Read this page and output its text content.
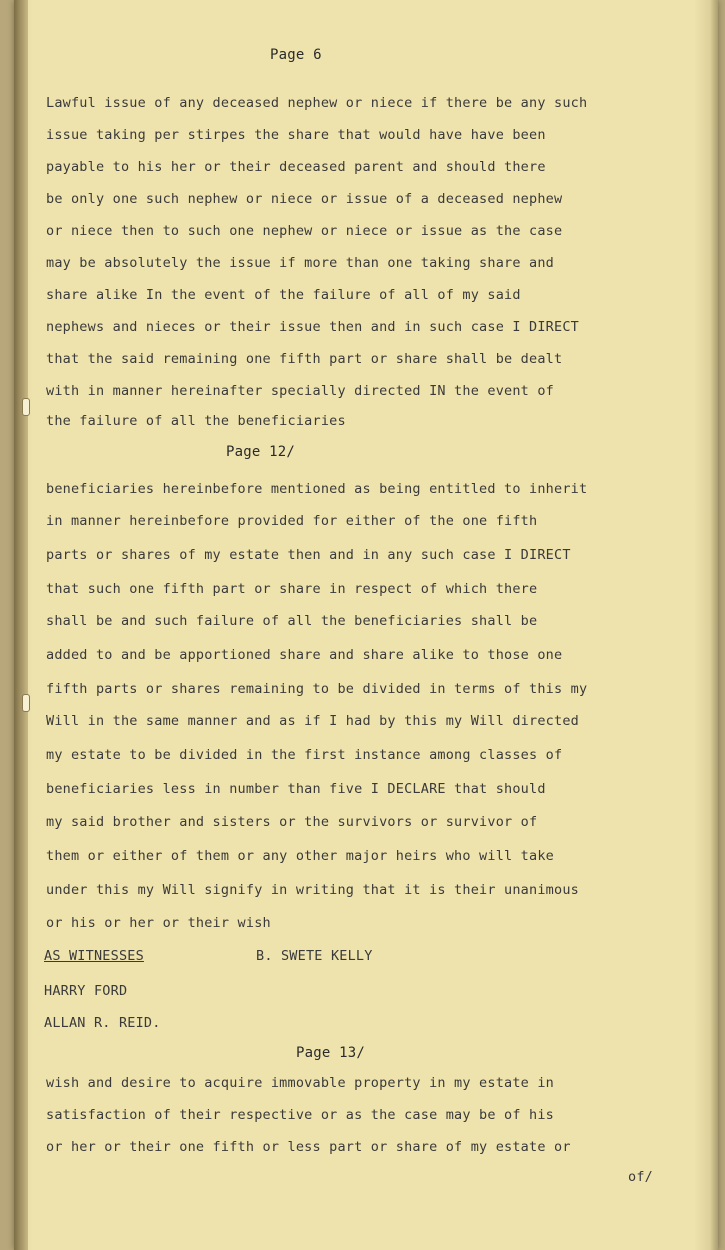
Page 6
Lawful issue of any deceased nephew or niece if there be any such
issue taking per stirpes the share that would have have been
payable to his her or their deceased parent and should there
be only one such nephew or niece or issue of a deceased nephew
or niece then to such one nephew or niece or issue as the case
may be absolutely the issue if more than one taking share and
share alike In the event of the failure of all of my said
nephews and nieces or their issue then and in such case I DIRECT
that the said remaining one fifth part or share shall be dealt
with in manner hereinafter specially directed IN the event of
the failure of all the beneficiaries
Page 12/
beneficiaries hereinbefore mentioned as being entitled to inherit
in manner hereinbefore provided for either of the one fifth
parts or shares of my estate then and in any such case I DIRECT
that such one fifth part or share in respect of which there
shall be and such failure of all the beneficiaries shall be
added to and be apportioned share and share alike to those one
fifth parts or shares remaining to be divided in terms of this my
Will in the same manner and as if I had by this my Will directed
my estate to be divided in the first instance among classes of
beneficiaries less in number than five I DECLARE that should
my said brother and sisters or the survivors or survivor of
them or either of them or any other major heirs who will take
under this my Will signify in writing that it is their unanimous
or his or her or their wish
AS WITNESSES	B. SWETE KELLY
HARRY FORD
ALLAN R. REID.
Page 13/
wish and desire to acquire immovable property in my estate in
satisfaction of their respective or as the case may be of his
or her or their one fifth or less part or share of my estate or
of/
